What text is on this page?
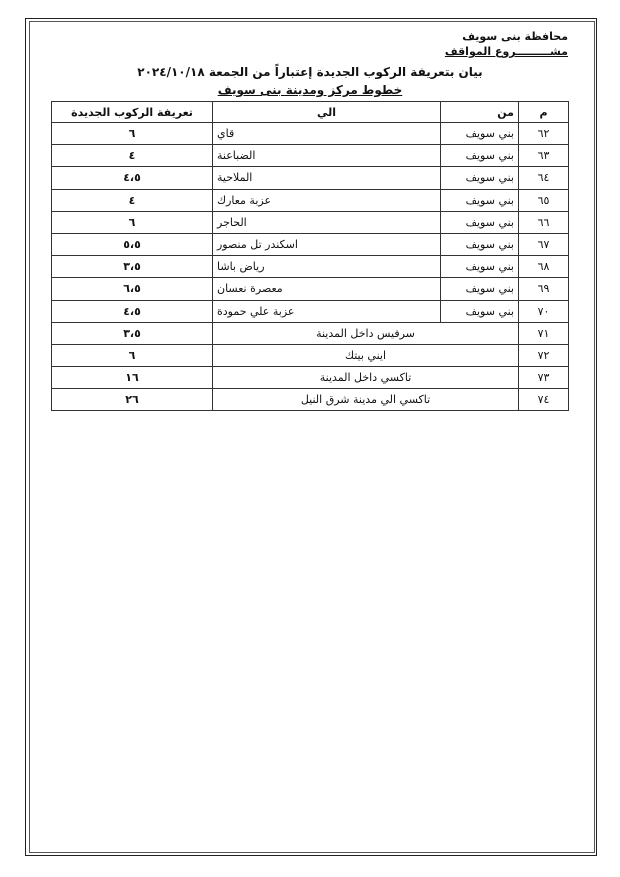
محافظة بنى سويف
مشـــــــــروع المواقف
بيان بتعريفة الركوب الجديدة إعتباراً من الجمعة ٢٠٢٤/١٠/١٨
خطوط مركز ومدينة بنى سويف
م	من	الي	تعريفة الركوب الجديدة
٦٢	بني سويف	قاي	٦
٦٣	بني سويف	الضباعنة	٤
٦٤	بني سويف	الملاحية	٤،٥
٦٥	بني سويف	عزبة معارك	٤
٦٦	بني سويف	الحاجر	٦
٦٧	بني سويف	اسكندر تل منصور	٥،٥
٦٨	بني سويف	رياض باشا	٣،٥
٦٩	بني سويف	معصرة نعسان	٦،٥
٧٠	بني سويف	عزبة علي حمودة	٤،٥
٧١	سرفيس داخل المدينة		٣،٥
٧٢	ايني بيتك		٦
٧٣	تاكسي داخل المدينة		١٦
٧٤	تاكسي الي مدينة شرق النيل		٢٦
